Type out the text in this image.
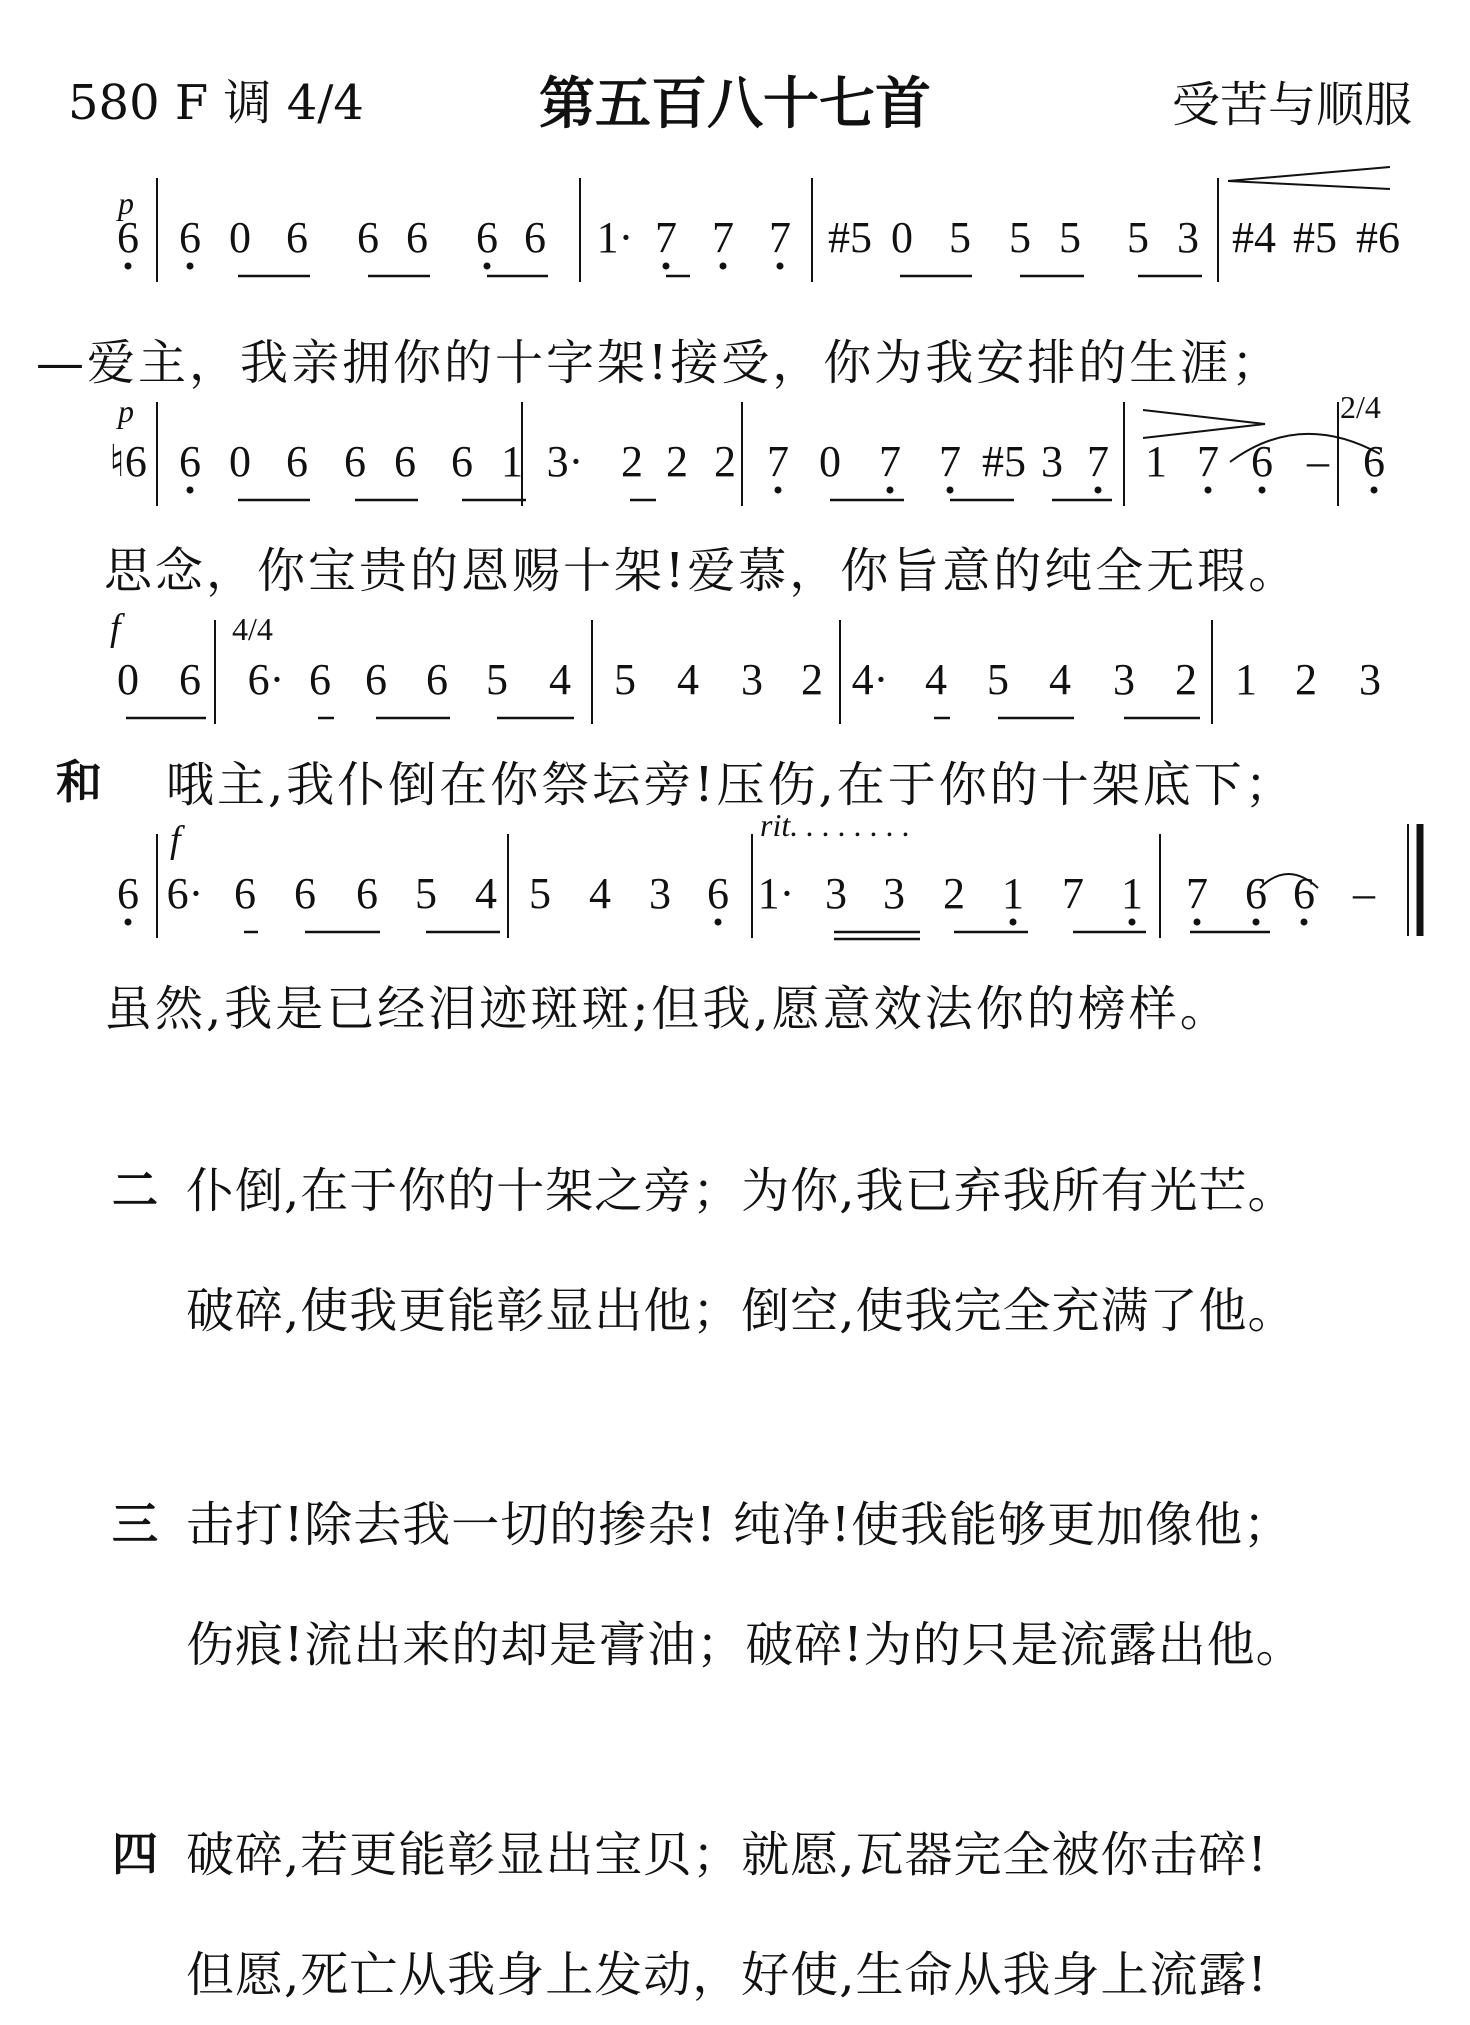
580 F 调 4/4	第五百八十七首	受苦与顺服
p
p
f
f	rit. . . . . . . .
2/4
4/4
6 6 0 6 6 6 6 6 1· 7 7 7 #5 0 5 5 5 5 3 #4 #5 #6
♮6 6 0 6 6 6 6 1 3· 2 2 2 7 0 7 7 #5 3 7 1 7 6 – 6
0 6 6· 6 6 6 5 4 5 4 3 2 4· 4 5 4 3 2 1 2 3
6 6· 6 6 6 5 4 5 4 3 6 1· 3 3 2 1 7 1 7 6 6 –
—爱主，我亲拥你的十字架!接受，你为我安排的生涯；
思念，你宝贵的恩赐十架!爱慕，你旨意的纯全无瑕。
和 哦主,我仆倒在你祭坛旁!压伤,在于你的十架底下；
虽然,我是已经泪迹斑斑;但我,愿意效法你的榜样。
二 仆倒,在于你的十架之旁；为你,我已弃我所有光芒。
破碎,使我更能彰显出他；倒空,使我完全充满了他。
三 击打!除去我一切的掺杂! 纯净!使我能够更加像他；
伤痕!流出来的却是膏油；破碎!为的只是流露出他。
四 破碎,若更能彰显出宝贝；就愿,瓦器完全被你击碎!
但愿,死亡从我身上发动，好使,生命从我身上流露!
